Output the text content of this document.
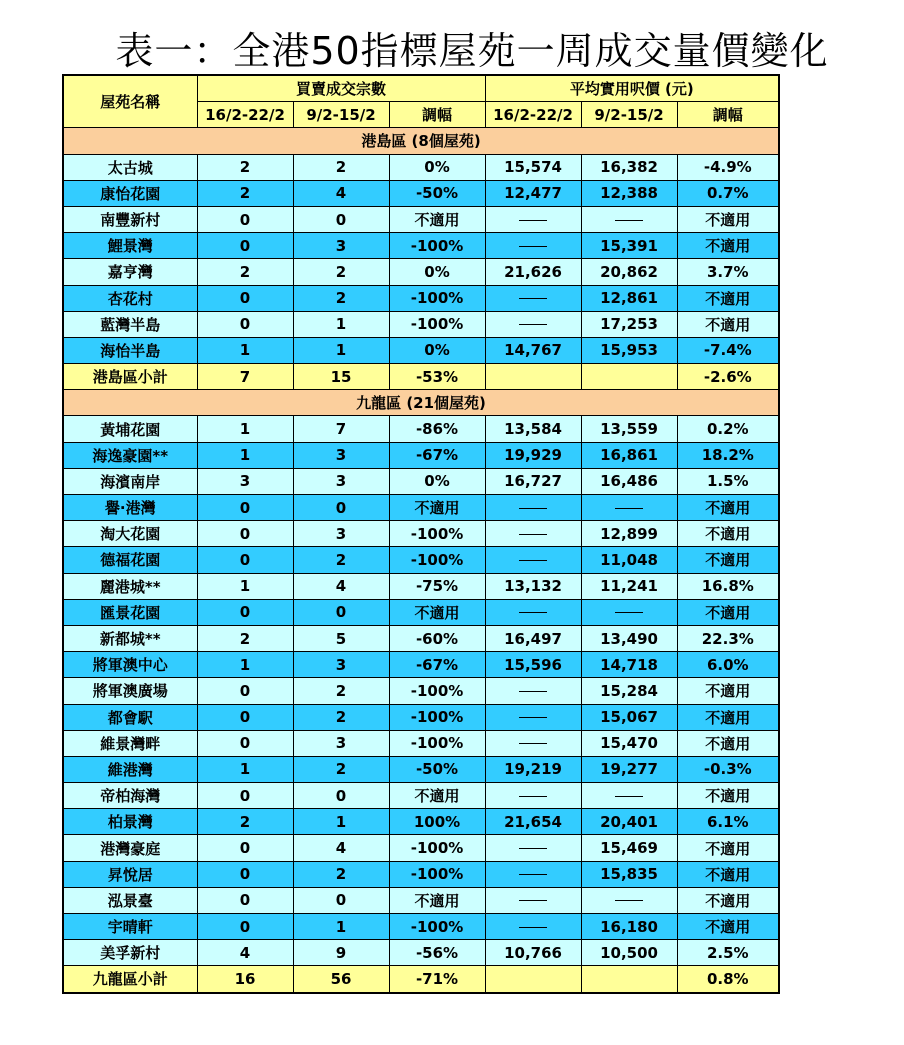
表一：全港50指標屋苑一周成交量價變化
屋苑名稱	買賣成交宗數			平均實用呎價 (元)		
	16/2-22/2	9/2-15/2	調幅	16/2-22/2	9/2-15/2	調幅
港島區 (8個屋苑)						
太古城	2	2	0%	15,574	16,382	-4.9%
康怡花園	2	4	-50%	12,477	12,388	0.7%
南豐新村	0	0	不適用			不適用
鯉景灣	0	3	-100%		15,391	不適用
嘉亨灣	2	2	0%	21,626	20,862	3.7%
杏花村	0	2	-100%		12,861	不適用
藍灣半島	0	1	-100%		17,253	不適用
海怡半島	1	1	0%	14,767	15,953	-7.4%
港島區小計	7	15	-53%			-2.6%
九龍區 (21個屋苑)						
黃埔花園	1	7	-86%	13,584	13,559	0.2%
海逸豪園**	1	3	-67%	19,929	16,861	18.2%
海濱南岸	3	3	0%	16,727	16,486	1.5%
譽·港灣	0	0	不適用			不適用
淘大花園	0	3	-100%		12,899	不適用
德福花園	0	2	-100%		11,048	不適用
麗港城**	1	4	-75%	13,132	11,241	16.8%
匯景花園	0	0	不適用			不適用
新都城**	2	5	-60%	16,497	13,490	22.3%
將軍澳中心	1	3	-67%	15,596	14,718	6.0%
將軍澳廣場	0	2	-100%		15,284	不適用
都會駅	0	2	-100%		15,067	不適用
維景灣畔	0	3	-100%		15,470	不適用
維港灣	1	2	-50%	19,219	19,277	-0.3%
帝柏海灣	0	0	不適用			不適用
柏景灣	2	1	100%	21,654	20,401	6.1%
港灣豪庭	0	4	-100%		15,469	不適用
昇悅居	0	2	-100%		15,835	不適用
泓景臺	0	0	不適用			不適用
宇晴軒	0	1	-100%		16,180	不適用
美孚新村	4	9	-56%	10,766	10,500	2.5%
九龍區小計	16	56	-71%			0.8%
